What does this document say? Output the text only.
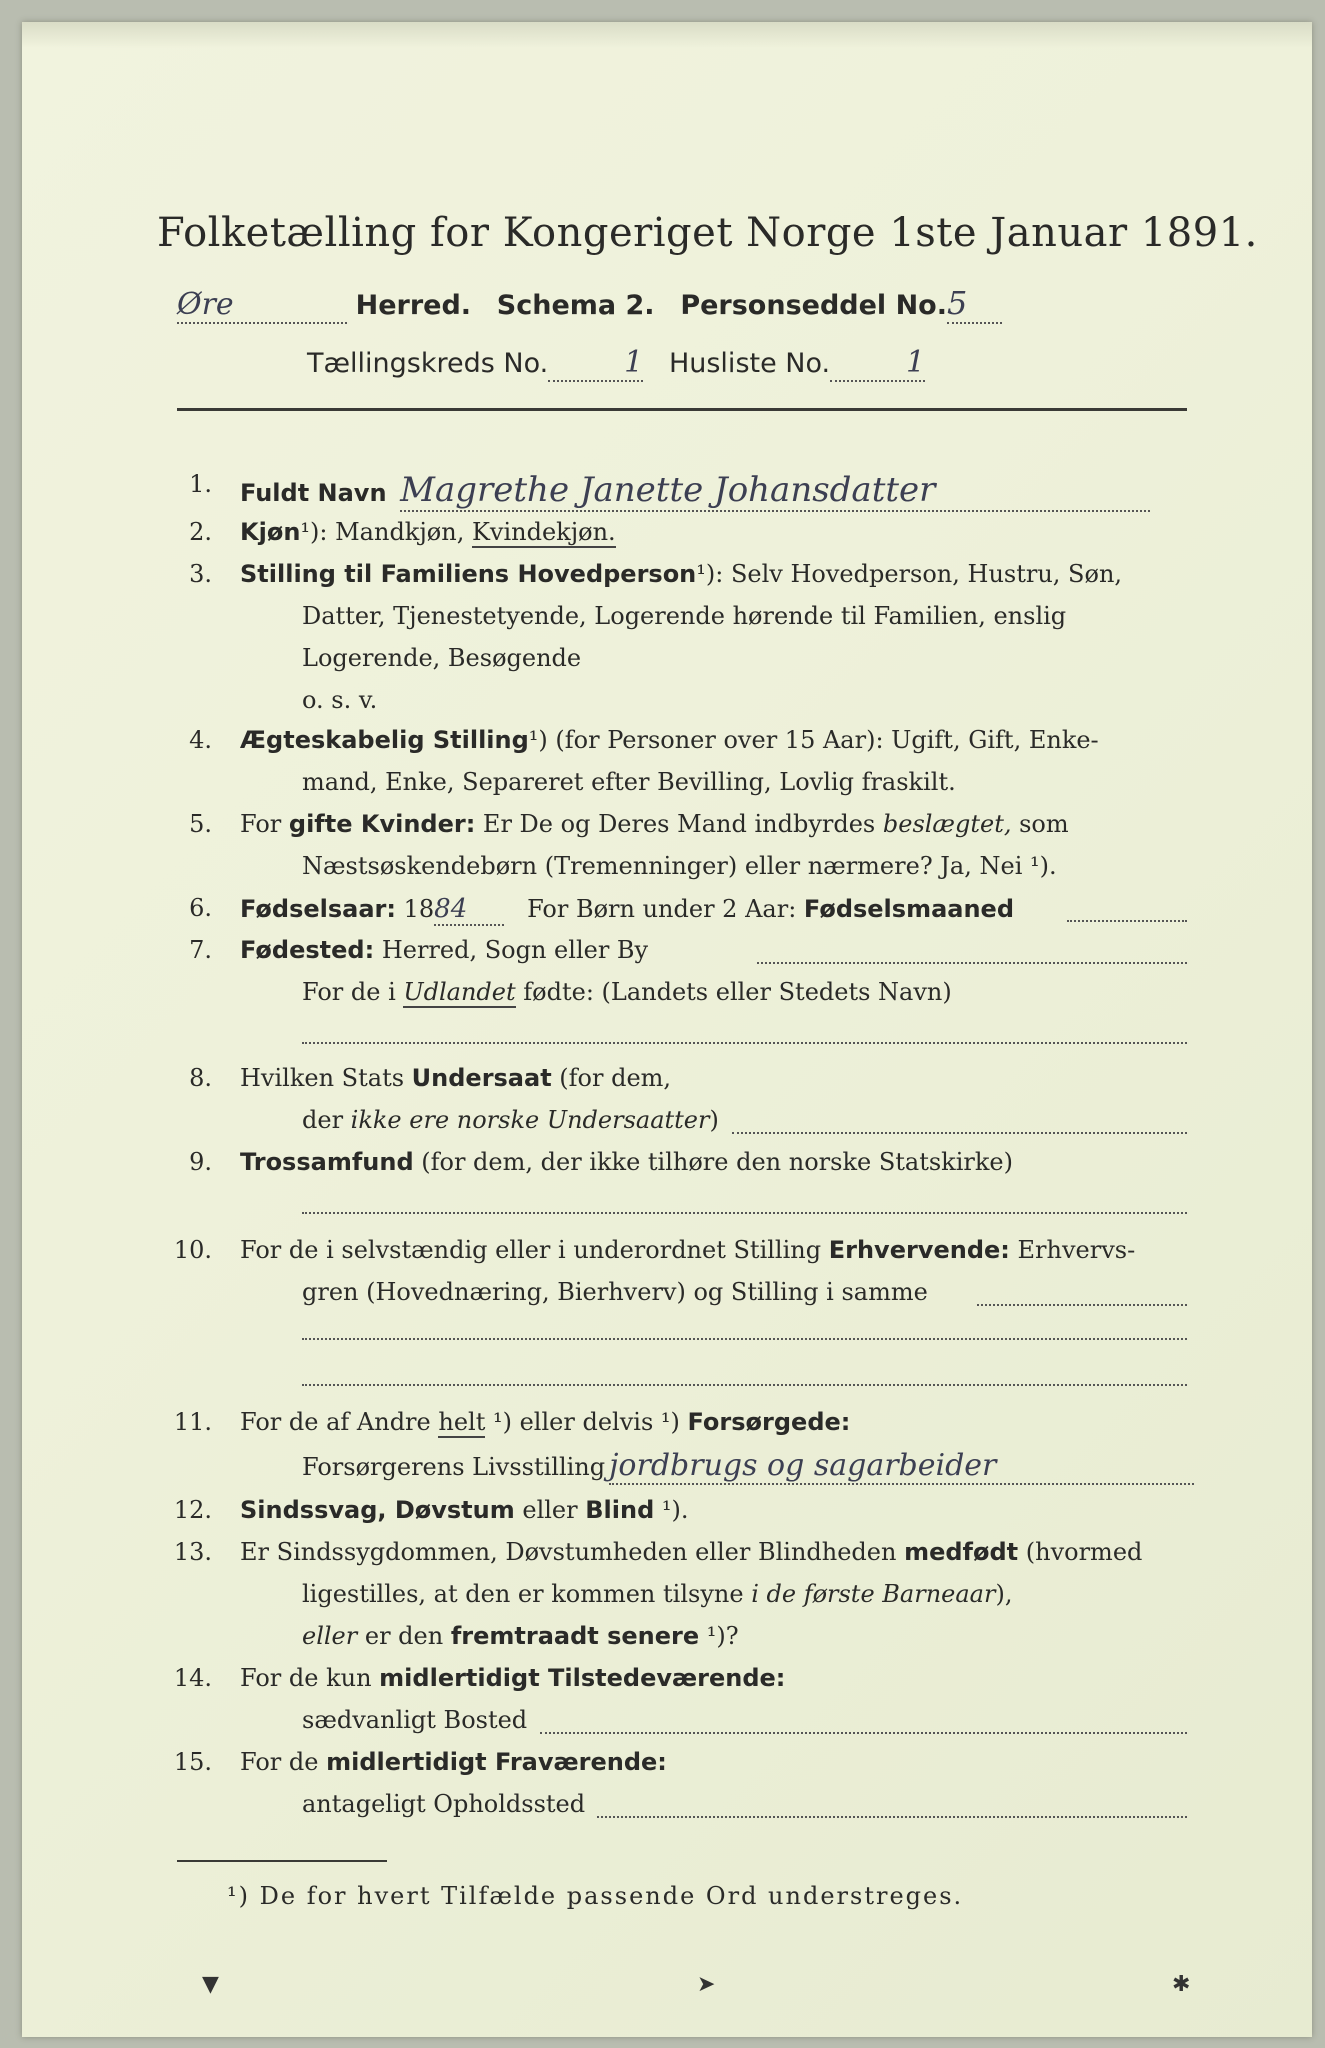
Folketælling for Kongeriget Norge 1ste Januar 1891.
Øre	Herred. Schema 2. Personseddel No.5
Tællingskreds No.	1 Husliste No.	1
1. Fuldt Navn Magrethe Janette Johansdatter
2. Kjøn¹): Mandkjøn, Kvindekjøn.
3. Stilling til Familiens Hovedperson¹): Selv Hovedperson, Hustru, Søn,
Datter, Tjenestetyende, Logerende hørende til Familien, enslig
Logerende, Besøgende
o. s. v.
4. Ægteskabelig Stilling¹) (for Personer over 15 Aar): Ugift, Gift, Enke-
mand, Enke, Separeret efter Bevilling, Lovlig fraskilt.
5. For gifte Kvinder: Er De og Deres Mand indbyrdes beslægtet, som
Næstsøskendebørn (Tremenninger) eller nærmere? Ja, Nei ¹).
6. Fødselsaar: 1884 For Børn under 2 Aar: Fødselsmaaned
7. Fødested: Herred, Sogn eller By
For de i Udlandet fødte: (Landets eller Stedets Navn)
8. Hvilken Stats Undersaat (for dem,
der ikke ere norske Undersaatter)
9. Trossamfund (for dem, der ikke tilhøre den norske Statskirke)
10. For de i selvstændig eller i underordnet Stilling Erhvervende: Erhvervs-
gren (Hovednæring, Bierhverv) og Stilling i samme
11. For de af Andre helt ¹) eller delvis ¹) Forsørgede:
Forsørgerens Livsstilling jordbrugs og sagarbeider
12. Sindssvag, Døvstum eller Blind ¹).
13. Er Sindssygdommen, Døvstumheden eller Blindheden medfødt (hvormed
ligestilles, at den er kommen tilsyne i de første Barneaar),
eller er den fremtraadt senere ¹)?
14. For de kun midlertidigt Tilstedeværende:
sædvanligt Bosted
15. For de midlertidigt Fraværende:
antageligt Opholdssted
¹) De for hvert Tilfælde passende Ord understreges.
▼	➤	✱
